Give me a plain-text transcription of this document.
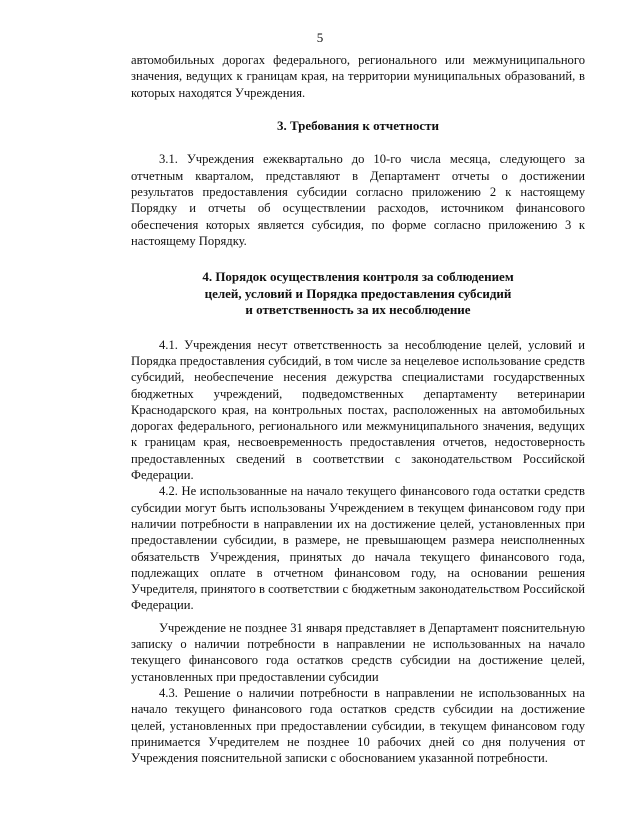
5

автомобильных дорогах федерального, регионального или межмуниципального значения, ведущих к границам края, на территории муниципальных образований, в которых находятся Учреждения.

3. Требования к отчетности

3.1. Учреждения ежеквартально до 10-го числа месяца, следующего за отчетным кварталом, представляют в Департамент отчеты о достижении результатов предоставления субсидии согласно приложению 2 к настоящему Порядку и отчеты об осуществлении расходов, источником финансового обеспечения которых является субсидия, по форме согласно приложению 3 к настоящему Порядку.

4. Порядок осуществления контроля за соблюдением
целей, условий и Порядка предоставления субсидий
и ответственность за их несоблюдение

4.1. Учреждения несут ответственность за несоблюдение целей, условий и Порядка предоставления субсидий, в том числе за нецелевое использование средств субсидий, необеспечение несения дежурства специалистами государственных бюджетных учреждений, подведомственных департаменту ветеринарии Краснодарского края, на контрольных постах, расположенных на автомобильных дорогах федерального, регионального или межмуниципального значения, ведущих к границам края, несвоевременность предоставления отчетов, недостоверность предоставленных сведений в соответствии с законодательством Российской Федерации.

4.2. Не использованные на начало текущего финансового года остатки средств субсидии могут быть использованы Учреждением в текущем финансовом году при наличии потребности в направлении их на достижение целей, установленных при предоставлении субсидии, в размере, не превышающем размера неисполненных обязательств Учреждения, принятых до начала текущего финансового года, подлежащих оплате в отчетном финансовом году, на основании решения Учредителя, принятого в соответствии с бюджетным законодательством Российской Федерации.

Учреждение не позднее 31 января представляет в Департамент пояснительную записку о наличии потребности в направлении не использованных на начало текущего финансового года остатков средств субсидии на достижение целей, установленных при предоставлении субсидии

4.3. Решение о наличии потребности в направлении не использованных на начало текущего финансового года остатков средств субсидии на достижение целей, установленных при предоставлении субсидии, в текущем финансовом году принимается Учредителем не позднее 10 рабочих дней со дня получения от Учреждения пояснительной записки с обоснованием указанной потребности.
